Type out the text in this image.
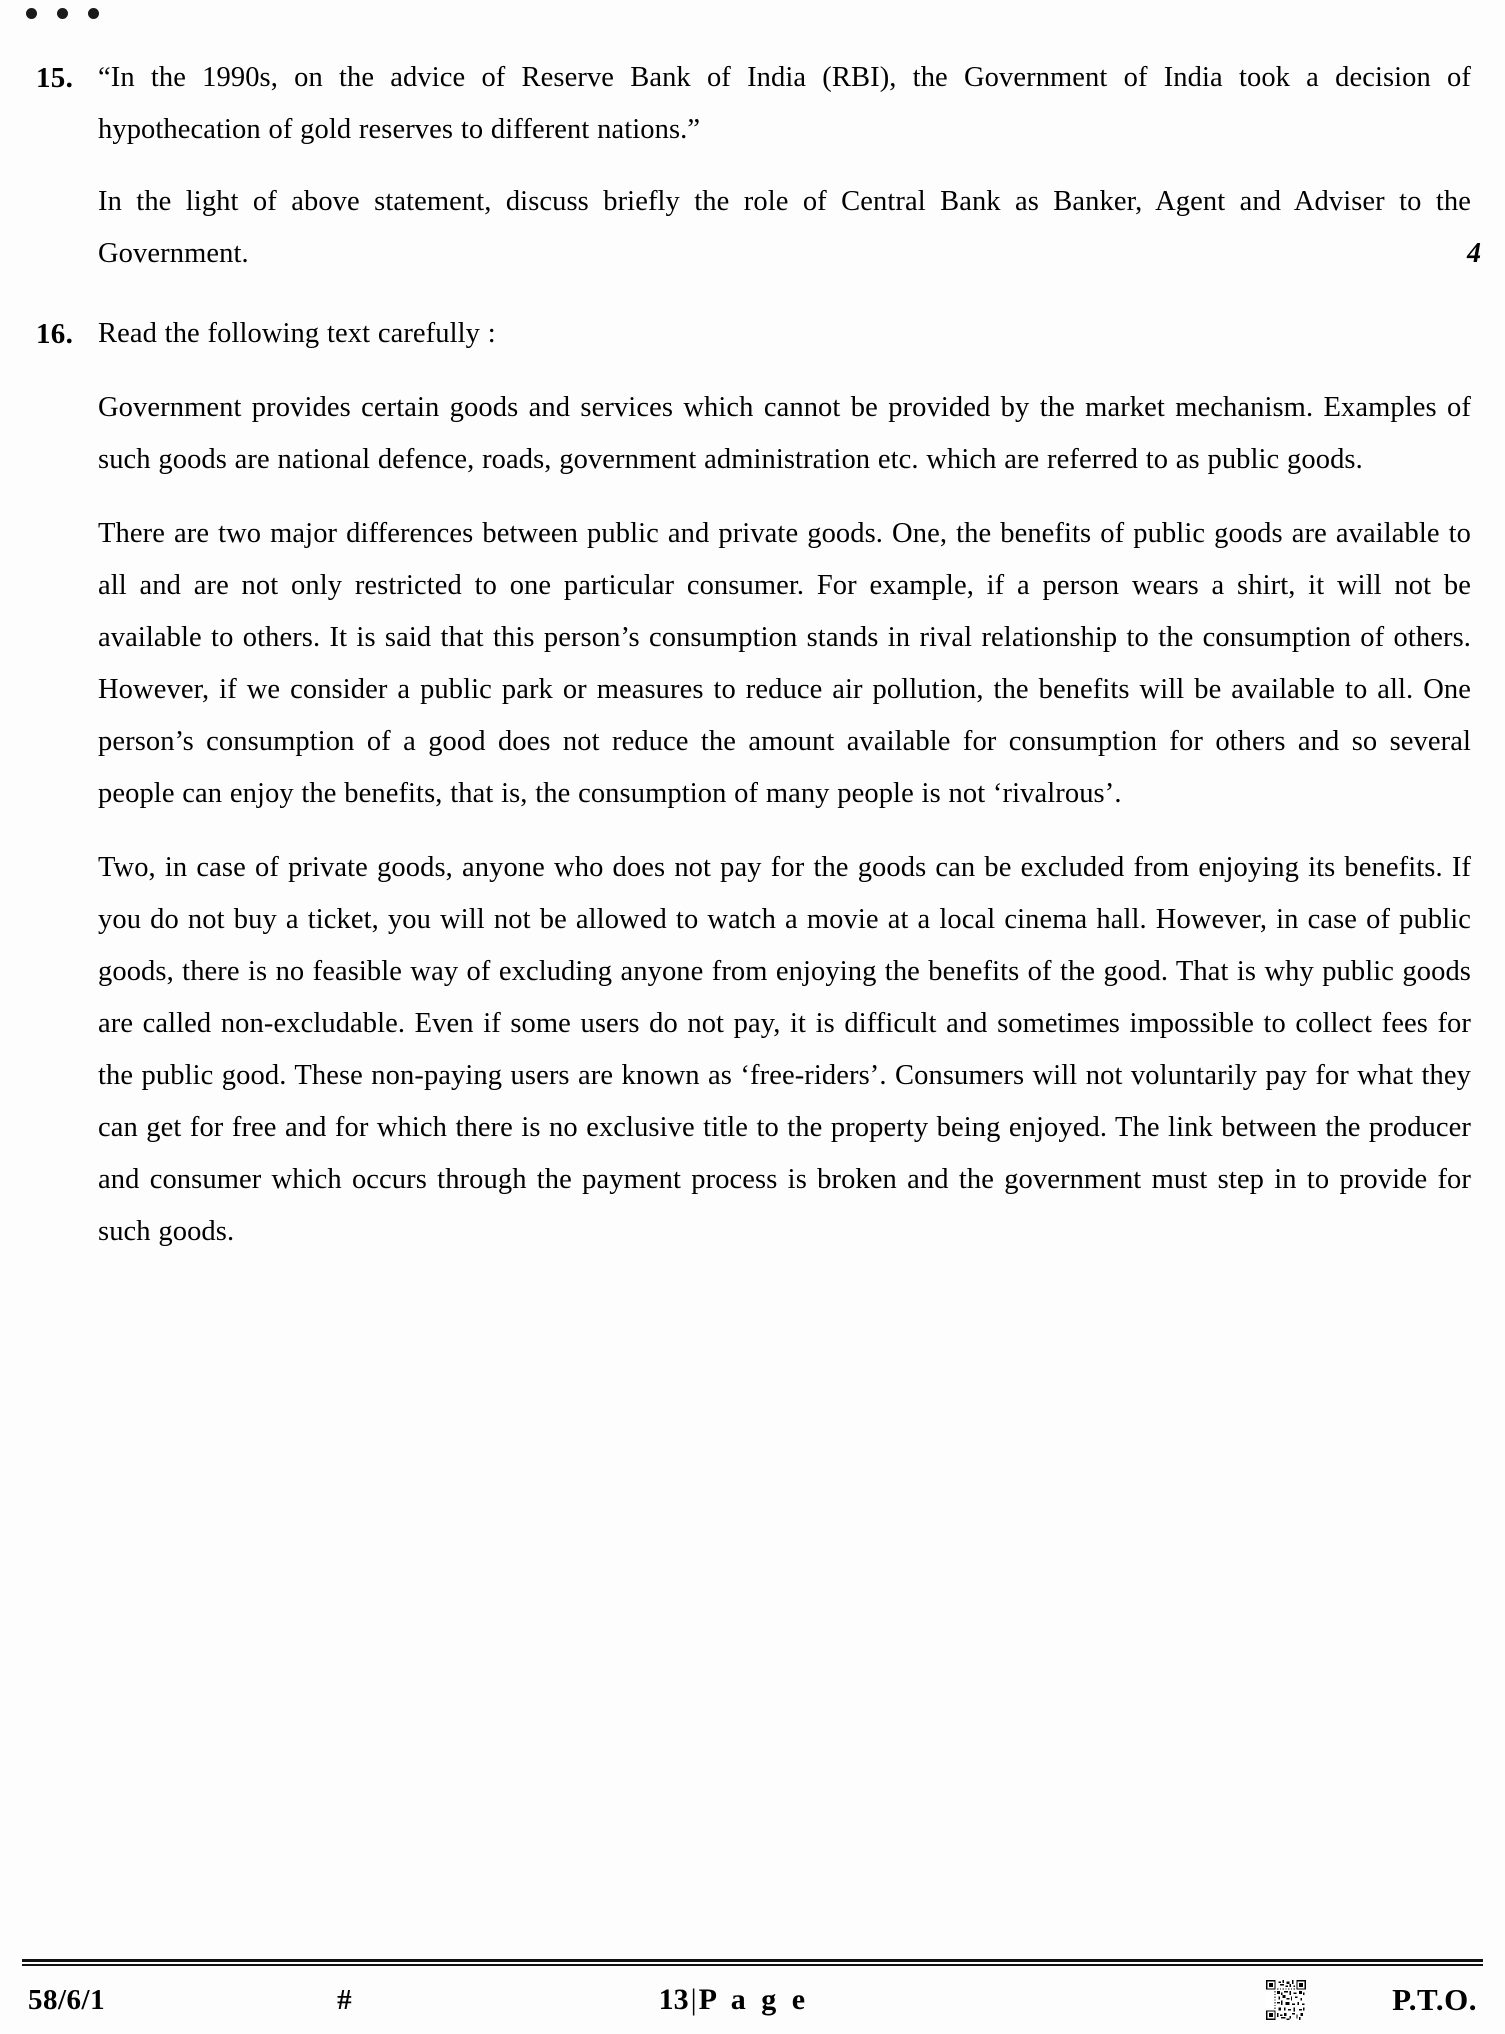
15. “In the 1990s, on the advice of Reserve Bank of India (RBI), the Government of India took a decision of hypothecation of gold reserves to different nations.”

In the light of above statement, discuss briefly the role of Central Bank as Banker, Agent and Adviser to the Government.	4
16. Read the following text carefully :

Government provides certain goods and services which cannot be provided by the market mechanism. Examples of such goods are national defence, roads, government administration etc. which are referred to as public goods.

There are two major differences between public and private goods. One, the benefits of public goods are available to all and are not only restricted to one particular consumer. For example, if a person wears a shirt, it will not be available to others. It is said that this person’s consumption stands in rival relationship to the consumption of others. However, if we consider a public park or measures to reduce air pollution, the benefits will be available to all. One person’s consumption of a good does not reduce the amount available for consumption for others and so several people can enjoy the benefits, that is, the consumption of many people is not ‘rivalrous’.

Two, in case of private goods, anyone who does not pay for the goods can be excluded from enjoying its benefits. If you do not buy a ticket, you will not be allowed to watch a movie at a local cinema hall. However, in case of public goods, there is no feasible way of excluding anyone from enjoying the benefits of the good. That is why public goods are called non-excludable. Even if some users do not pay, it is difficult and sometimes impossible to collect fees for the public good. These non-paying users are known as ‘free-riders’. Consumers will not voluntarily pay for what they can get for free and for which there is no exclusive title to the property being enjoyed. The link between the producer and consumer which occurs through the payment process is broken and the government must step in to provide for such goods.

58/6/1	#	13|P a g e	P.T.O.
